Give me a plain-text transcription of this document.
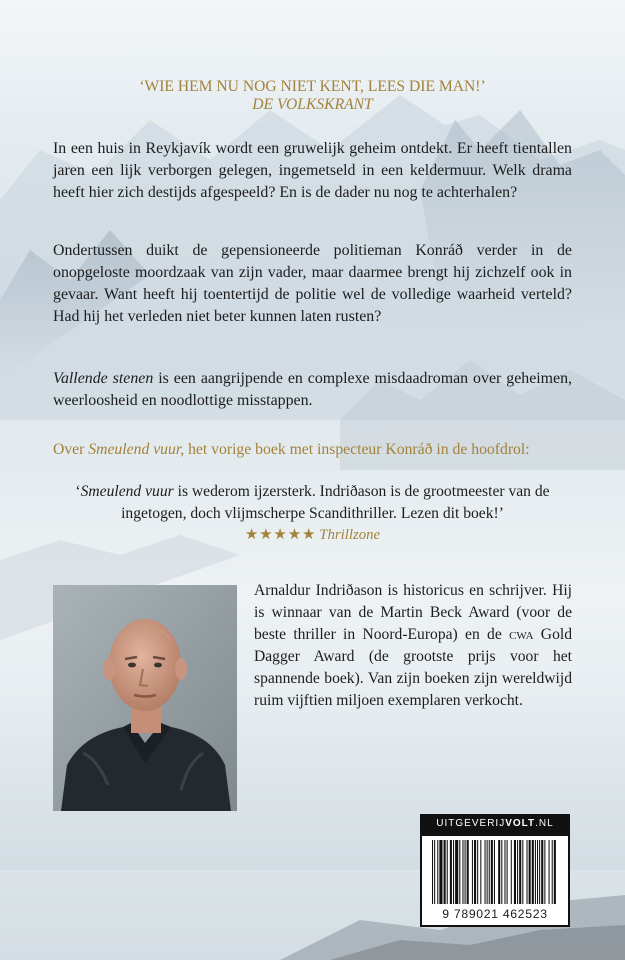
‘WIE HEM NU NOG NIET KENT, LEES DIE MAN!’
DE VOLKSKRANT
In een huis in Reykjavík wordt een gruwelijk geheim ontdekt. Er heeft tientallen jaren een lijk verborgen gelegen, ingemetseld in een keldermuur. Welk drama heeft hier zich destijds afgespeeld? En is de dader nu nog te achterhalen?
Ondertussen duikt de gepensioneerde politieman Konráð verder in de onopgeloste moordzaak van zijn vader, maar daarmee brengt hij zichzelf ook in gevaar. Want heeft hij toentertijd de politie wel de volledige waarheid verteld? Had hij het verleden niet beter kunnen laten rusten?
Vallende stenen is een aangrijpende en complexe misdaadroman over geheimen, weerloosheid en noodlottige misstappen.
Over Smeulend vuur, het vorige boek met inspecteur Konráð in de hoofdrol:
‘Smeulend vuur is wederom ijzersterk. Indriðason is de grootmeester van de ingetogen, doch vlijmscherpe Scandithriller. Lezen dit boek!’
★★★★★ Thrillzone
Arnaldur Indriðason is historicus en schrijver. Hij is winnaar van de Martin Beck Award (voor de beste thriller in Noord-Europa) en de cwa Gold Dagger Award (de grootste prijs voor het spannende boek). Van zijn boeken zijn wereldwijd ruim vijftien miljoen exemplaren verkocht.
UITGEVERIJVOLT.NL
9 789021 462523
